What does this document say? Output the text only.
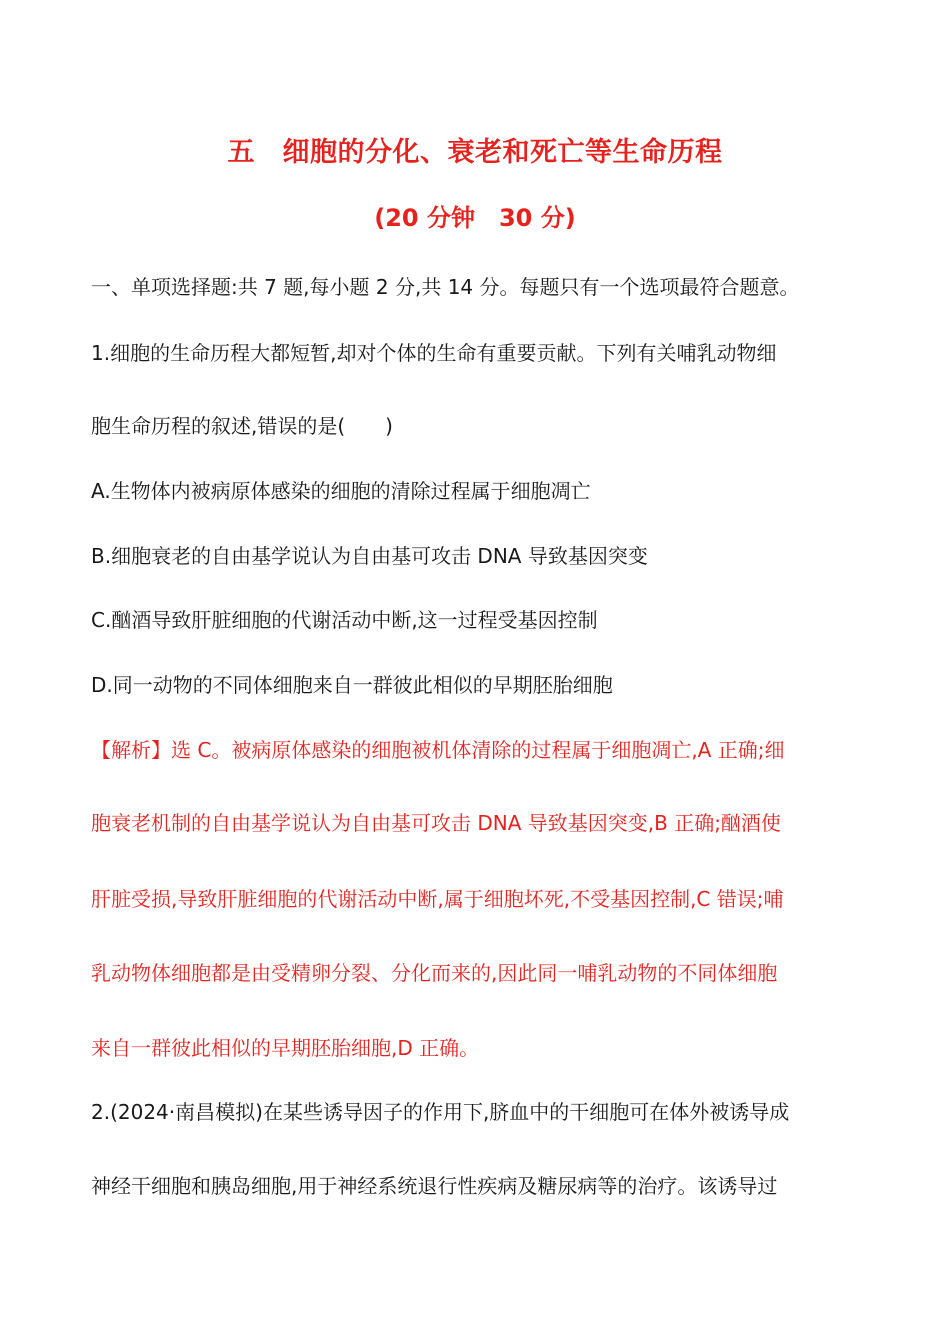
五　细胞的分化、衰老和死亡等生命历程
(20 分钟　30 分)
一、单项选择题:共 7 题,每小题 2 分,共 14 分。每题只有一个选项最符合题意。
1.细胞的生命历程大都短暂,却对个体的生命有重要贡献。下列有关哺乳动物细
胞生命历程的叙述,错误的是(　　)
A.生物体内被病原体感染的细胞的清除过程属于细胞凋亡
B.细胞衰老的自由基学说认为自由基可攻击 DNA 导致基因突变
C.酗酒导致肝脏细胞的代谢活动中断,这一过程受基因控制
D.同一动物的不同体细胞来自一群彼此相似的早期胚胎细胞
【解析】选 C。被病原体感染的细胞被机体清除的过程属于细胞凋亡,A 正确;细
胞衰老机制的自由基学说认为自由基可攻击 DNA 导致基因突变,B 正确;酗酒使
肝脏受损,导致肝脏细胞的代谢活动中断,属于细胞坏死,不受基因控制,C 错误;哺
乳动物体细胞都是由受精卵分裂、分化而来的,因此同一哺乳动物的不同体细胞
来自一群彼此相似的早期胚胎细胞,D 正确。
2.(2024·南昌模拟)在某些诱导因子的作用下,脐血中的干细胞可在体外被诱导成
神经干细胞和胰岛细胞,用于神经系统退行性疾病及糖尿病等的治疗。该诱导过
